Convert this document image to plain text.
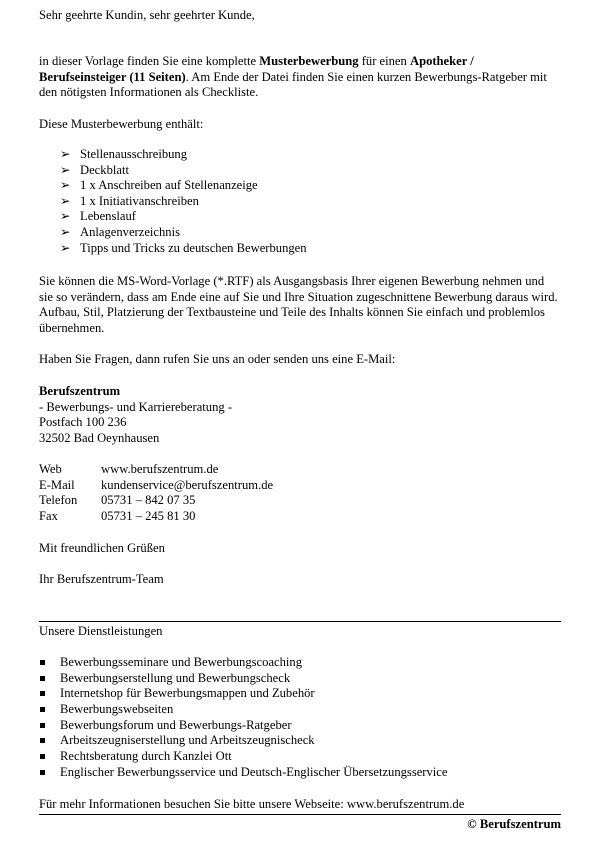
Sehr geehrte Kundin, sehr geehrter Kunde,

in dieser Vorlage finden Sie eine komplette Musterbewerbung für einen Apotheker / Berufseinsteiger (11 Seiten). Am Ende der Datei finden Sie einen kurzen Bewerbungs-Ratgeber mit den nötigsten Informationen als Checkliste.

Diese Musterbewerbung enthält:

➢ Stellenausschreibung
➢ Deckblatt
➢ 1 x Anschreiben auf Stellenanzeige
➢ 1 x Initiativanschreiben
➢ Lebenslauf
➢ Anlagenverzeichnis
➢ Tipps und Tricks zu deutschen Bewerbungen

Sie können die MS-Word-Vorlage (*.RTF) als Ausgangsbasis Ihrer eigenen Bewerbung nehmen und sie so verändern, dass am Ende eine auf Sie und Ihre Situation zugeschnittene Bewerbung daraus wird. Aufbau, Stil, Platzierung der Textbausteine und Teile des Inhalts können Sie einfach und problemlos übernehmen.

Haben Sie Fragen, dann rufen Sie uns an oder senden uns eine E-Mail:

Berufszentrum

- Bewerbungs- und Karriereberatung -

Postfach 100 236

32502 Bad Oeynhausen

Web	www.berufszentrum.de
E-Mail	kundenservice@berufszentrum.de
Telefon	05731 – 842 07 35
Fax	05731 – 245 81 30

Mit freundlichen Grüßen

Ihr Berufszentrum-Team

Unsere Dienstleistungen

Bewerbungsseminare und Bewerbungscoaching
Bewerbungserstellung und Bewerbungscheck
Internetshop für Bewerbungsmappen und Zubehör
Bewerbungswebseiten
Bewerbungsforum und Bewerbungs-Ratgeber
Arbeitszeugniserstellung und Arbeitszeugnischeck
Rechtsberatung durch Kanzlei Ott
Englischer Bewerbungsservice und Deutsch-Englischer Übersetzungsservice

Für mehr Informationen besuchen Sie bitte unsere Webseite: www.berufszentrum.de

© Berufszentrum
